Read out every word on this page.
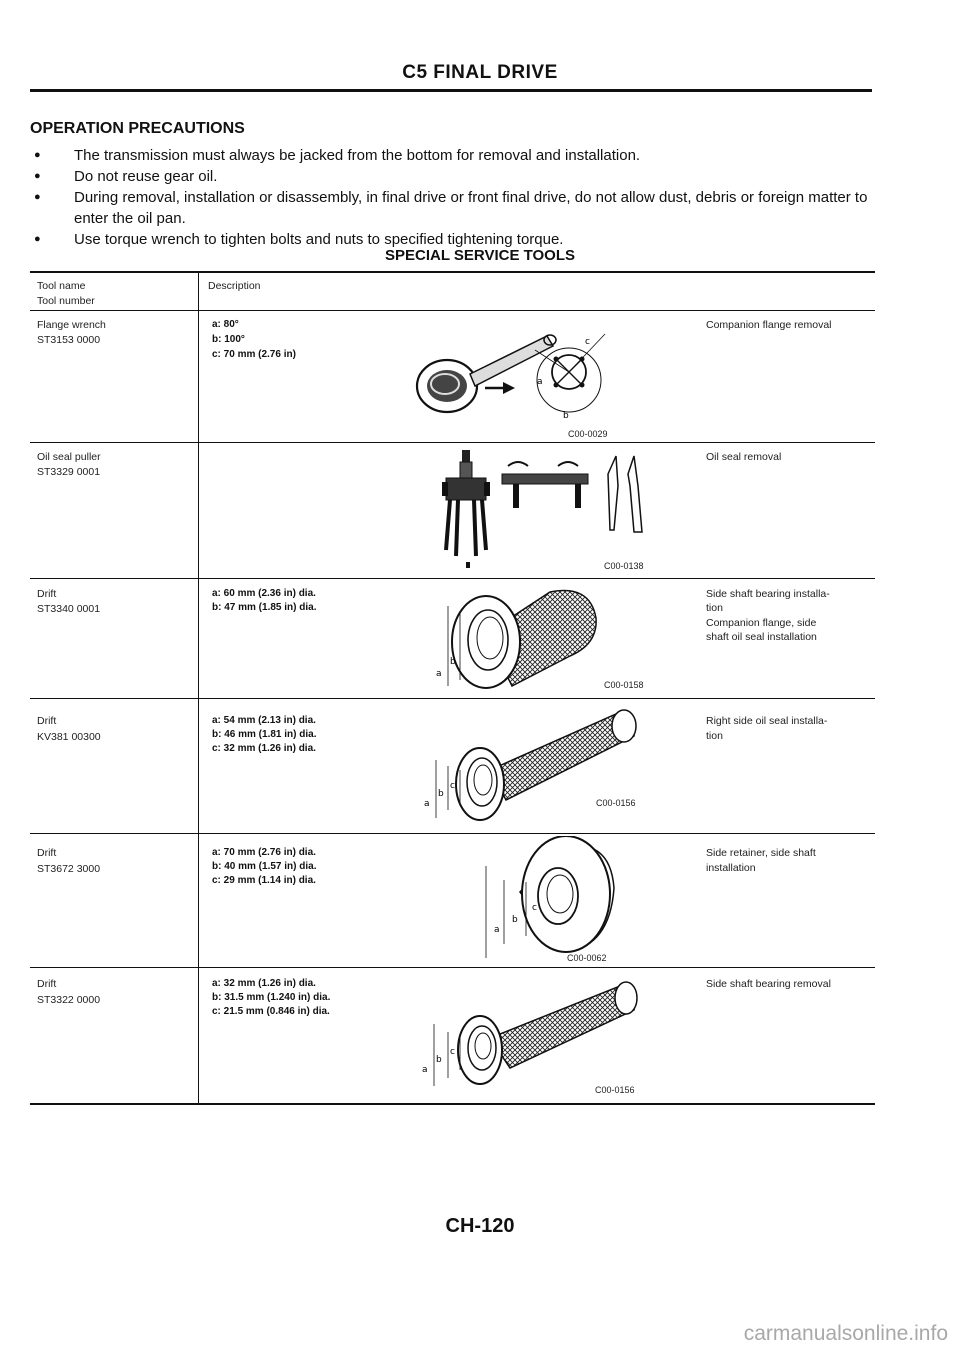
C5 FINAL DRIVE
OPERATION PRECAUTIONS
● The transmission must always be jacked from the bottom for removal and installation.
● Do not reuse gear oil.
● During removal, installation or disassembly, in final drive or front final drive, do not allow dust, debris or foreign matter to enter the oil pan.
● Use torque wrench to tighten bolts and nuts to specified tightening torque.
SPECIAL SERVICE TOOLS
Tool name
Tool number
Description
Flange wrench
ST3153 0000
a: 80°
b: 100°
c: 70 mm (2.76 in)
c
a
b
C00-0029
Companion flange removal
Oil seal puller
ST3329 0001
C00-0138
Oil seal removal
Drift
ST3340 0001
a: 60 mm (2.36 in) dia.
b: 47 mm (1.85 in) dia.
a
b
C00-0158
Side shaft bearing installa-
tion
Companion flange, side
shaft oil seal installation
Drift
KV381 00300
a: 54 mm (2.13 in) dia.
b: 46 mm (1.81 in) dia.
c: 32 mm (1.26 in) dia.
a
b
c
C00-0156
Right side oil seal installa-
tion
Drift
ST3672 3000
a: 70 mm (2.76 in) dia.
b: 40 mm (1.57 in) dia.
c: 29 mm (1.14 in) dia.
a
b
c
C00-0062
Side retainer, side shaft
installation
Drift
ST3322 0000
a: 32 mm (1.26 in) dia.
b: 31.5 mm (1.240 in) dia.
c: 21.5 mm (0.846 in) dia.
a
b
c
C00-0156
Side shaft bearing removal
CH-120
carmanualsonline.info
